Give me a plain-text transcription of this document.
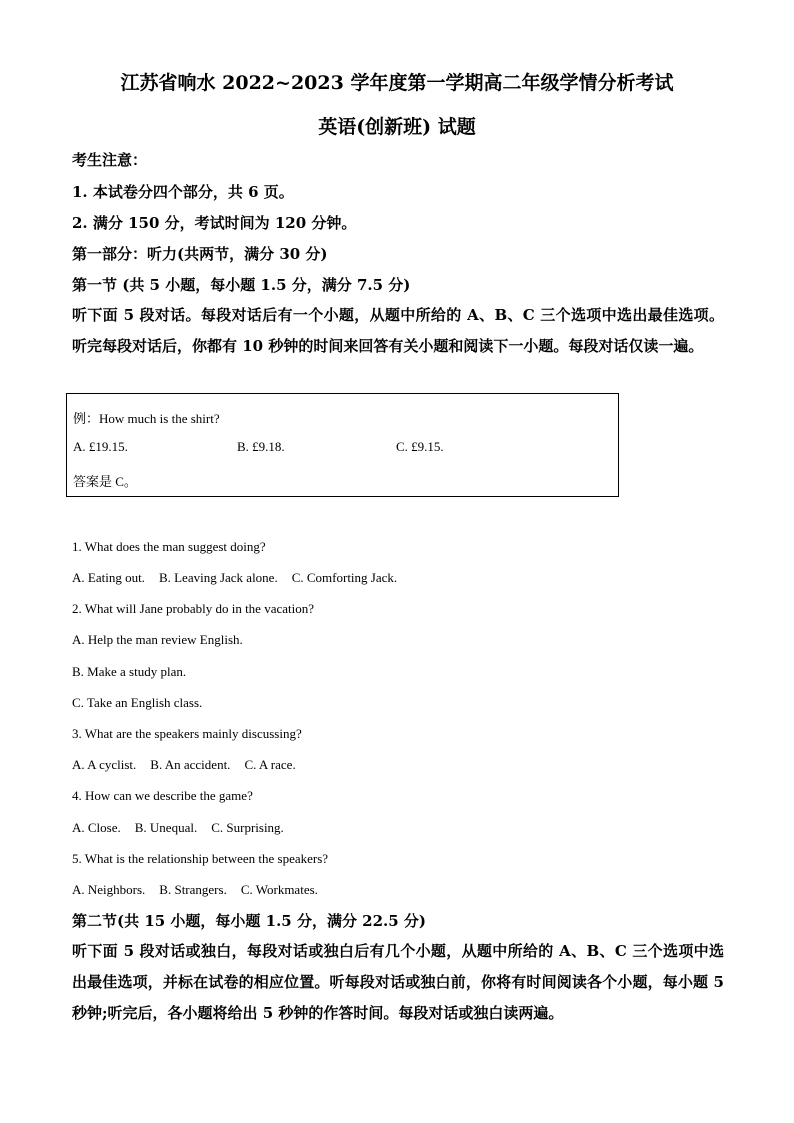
江苏省响水 2022~2023 学年度第一学期高二年级学情分析考试
英语(创新班) 试题
考生注意：
1. 本试卷分四个部分，共 6 页。
2. 满分 150 分，考试时间为 120 分钟。
第一部分：听力(共两节，满分 30 分)
第一节 (共 5 小题，每小题 1.5 分，满分 7.5 分)
听下面 5 段对话。每段对话后有一个小题，从题中所给的 A、B、C 三个选项中选出最佳选项。听完每段对话后，你都有 10 秒钟的时间来回答有关小题和阅读下一小题。每段对话仅读一遍。
例：How much is the shirt?
A. £19.15.	B. £9.18.	C. £9.15.
答案是 C。
1. What does the man suggest doing?
A. Eating out. B. Leaving Jack alone. C. Comforting Jack.
2. What will Jane probably do in the vacation?
A. Help the man review English.
B. Make a study plan.
C. Take an English class.
3. What are the speakers mainly discussing?
A. A cyclist. B. An accident. C. A race.
4. How can we describe the game?
A. Close. B. Unequal. C. Surprising.
5. What is the relationship between the speakers?
A. Neighbors. B. Strangers. C. Workmates.
第二节(共 15 小题，每小题 1.5 分，满分 22.5 分)
听下面 5 段对话或独白，每段对话或独白后有几个小题，从题中所给的 A、B、C 三个选项中选出最佳选项，并标在试卷的相应位置。听每段对话或独白前，你将有时间阅读各个小题，每小题 5 秒钟;听完后，各小题将给出 5 秒钟的作答时间。每段对话或独白读两遍。
